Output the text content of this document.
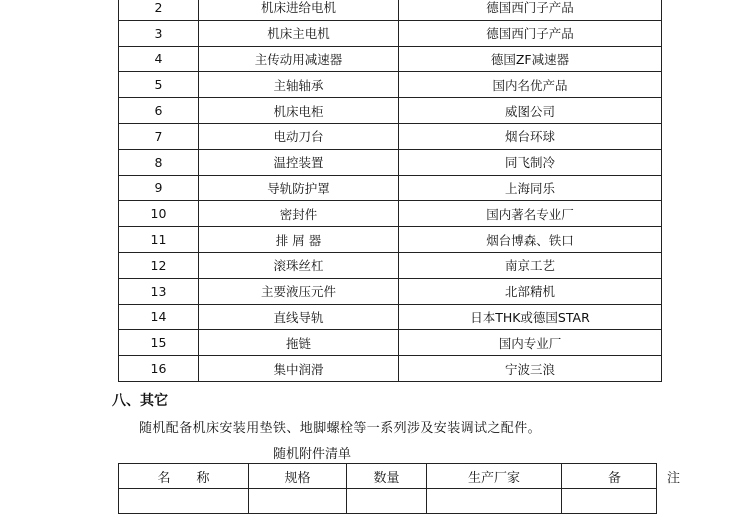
2	机床进给电机	德国西门子产品
3	机床主电机	德国西门子产品
4	主传动用减速器	德国ZF减速器
5	主轴轴承	国内名优产品
6	机床电柜	威图公司
7	电动刀台	烟台环球
8	温控装置	同飞制冷
9	导轨防护罩	上海同乐
10	密封件	国内著名专业厂
11	排 屑 器	烟台博森、铁口
12	滚珠丝杠	南京工艺
13	主要液压元件	北部精机
14	直线导轨	日本THK或德国STAR
15	拖链	国内专业厂
16	集中润滑	宁波三浪
八、其它
随机配备机床安装用垫铁、地脚螺栓等一系列涉及安装调试之配件。
随机附件清单
名称	规格	数量	生产厂家	备注
